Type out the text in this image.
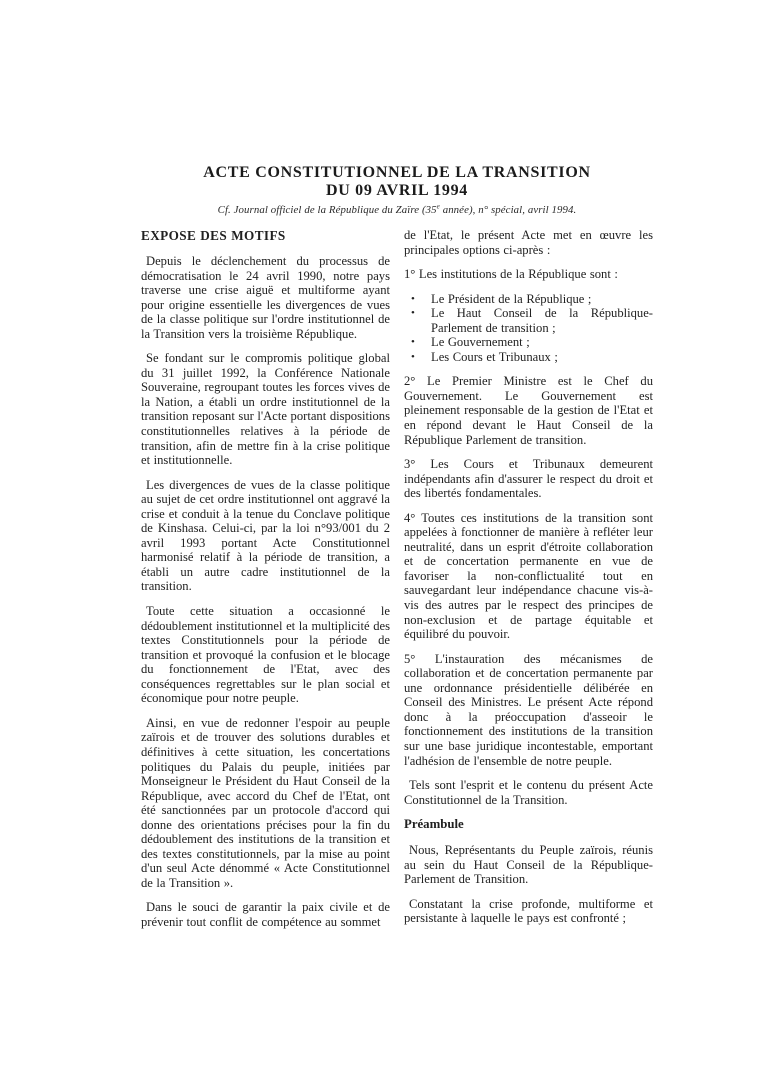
ACTE CONSTITUTIONNEL DE LA TRANSITION
DU 09 AVRIL 1994

Cf. Journal officiel de la République du Zaïre (35e année), n° spécial, avril 1994.

EXPOSE DES MOTIFS

Depuis le déclenchement du processus de démocratisation le 24 avril 1990, notre pays traverse une crise aiguë et multiforme ayant pour origine essentielle les divergences de vues de la classe politique sur l'ordre institutionnel de la Transition vers la troisième République.

Se fondant sur le compromis politique global du 31 juillet 1992, la Conférence Nationale Souveraine, regroupant toutes les forces vives de la Nation, a établi un ordre institutionnel de la transition reposant sur l'Acte portant dispositions constitutionnelles relatives à la période de transition, afin de mettre fin à la crise politique et institutionnelle.

Les divergences de vues de la classe politique au sujet de cet ordre institutionnel ont aggravé la crise et conduit à la tenue du Conclave politique de Kinshasa. Celui-ci, par la loi n°93/001 du 2 avril 1993 portant Acte Constitutionnel harmonisé relatif à la période de transition, a établi un autre cadre institutionnel de la transition.

Toute cette situation a occasionné le dédoublement institutionnel et la multiplicité des textes Constitutionnels pour la période de transition et provoqué la confusion et le blocage du fonctionnement de l'Etat, avec des conséquences regrettables sur le plan social et économique pour notre peuple.

Ainsi, en vue de redonner l'espoir au peuple zaïrois et de trouver des solutions durables et définitives à cette situation, les concertations politiques du Palais du peuple, initiées par Monseigneur le Président du Haut Conseil de la République, avec accord du Chef de l'Etat, ont été sanctionnées par un protocole d'accord qui donne des orientations précises pour la fin du dédoublement des institutions de la transition et des textes constitutionnels, par la mise au point d'un seul Acte dénommé « Acte Constitutionnel de la Transition ».

Dans le souci de garantir la paix civile et de prévenir tout conflit de compétence au sommet

de l'Etat, le présent Acte met en œuvre les principales options ci-après :

1° Les institutions de la République sont :

•	Le Président de la République ;
•	Le Haut Conseil de la République-Parlement de transition ;
•	Le Gouvernement ;
•	Les Cours et Tribunaux ;

2° Le Premier Ministre est le Chef du Gouvernement. Le Gouvernement est pleinement responsable de la gestion de l'Etat et en répond devant le Haut Conseil de la République Parlement de transition.

3° Les Cours et Tribunaux demeurent indépendants afin d'assurer le respect du droit et des libertés fondamentales.

4° Toutes ces institutions de la transition sont appelées à fonctionner de manière à refléter leur neutralité, dans un esprit d'étroite collaboration et de concertation permanente en vue de favoriser la non-conflictualité tout en sauvegardant leur indépendance chacune vis-à-vis des autres par le respect des principes de non-exclusion et de partage équitable et équilibré du pouvoir.

5° L'instauration des mécanismes de collaboration et de concertation permanente par une ordonnance présidentielle délibérée en Conseil des Ministres. Le présent Acte répond donc à la préoccupation d'asseoir le fonctionnement des institutions de la transition sur une base juridique incontestable, emportant l'adhésion de l'ensemble de notre peuple.

Tels sont l'esprit et le contenu du présent Acte Constitutionnel de la Transition.

Préambule

Nous, Représentants du Peuple zaïrois, réunis au sein du Haut Conseil de la République-Parlement de Transition.

Constatant la crise profonde, multiforme et persistante à laquelle le pays est confronté ;
